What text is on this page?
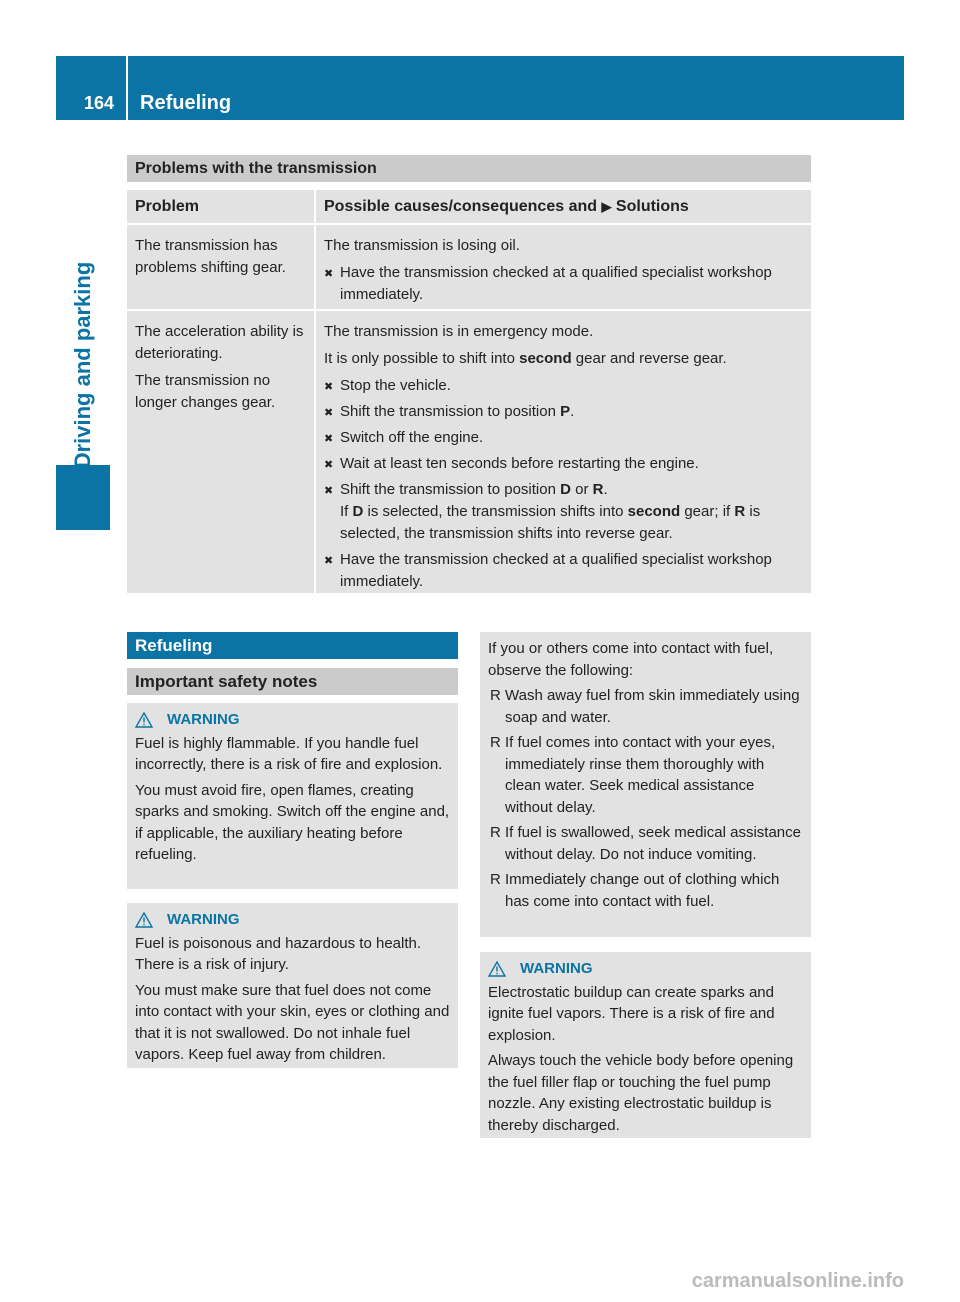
164 Refueling
Driving and parking
Problems with the transmission
Problem	Possible causes/consequences and ▶ Solutions

The transmission has problems shifting gear.

The transmission is losing oil.

✖ Have the transmission checked at a qualified specialist workshop immediately.

The acceleration ability is deteriorating.

The transmission no longer changes gear.

The transmission is in emergency mode.

It is only possible to shift into second gear and reverse gear.

✖ Stop the vehicle.
✖ Shift the transmission to position P.
✖ Switch off the engine.
✖ Wait at least ten seconds before restarting the engine.
✖ Shift the transmission to position D or R.
If D is selected, the transmission shifts into second gear; if R is selected, the transmission shifts into reverse gear.
✖ Have the transmission checked at a qualified specialist workshop immediately.
Refueling
Important safety notes
WARNING

Fuel is highly flammable. If you handle fuel incorrectly, there is a risk of fire and explosion.

You must avoid fire, open flames, creating sparks and smoking. Switch off the engine and, if applicable, the auxiliary heating before refueling.

WARNING

Fuel is poisonous and hazardous to health. There is a risk of injury.

You must make sure that fuel does not come into contact with your skin, eyes or clothing and that it is not swallowed. Do not inhale fuel vapors. Keep fuel away from children.

If you or others come into contact with fuel, observe the following:

R Wash away fuel from skin immediately using soap and water.
R If fuel comes into contact with your eyes, immediately rinse them thoroughly with clean water. Seek medical assistance without delay.
R If fuel is swallowed, seek medical assistance without delay. Do not induce vomiting.
R Immediately change out of clothing which has come into contact with fuel.
WARNING

Electrostatic buildup can create sparks and ignite fuel vapors. There is a risk of fire and explosion.

Always touch the vehicle body before opening the fuel filler flap or touching the fuel pump nozzle. Any existing electrostatic buildup is thereby discharged.

carmanualsonline.info
